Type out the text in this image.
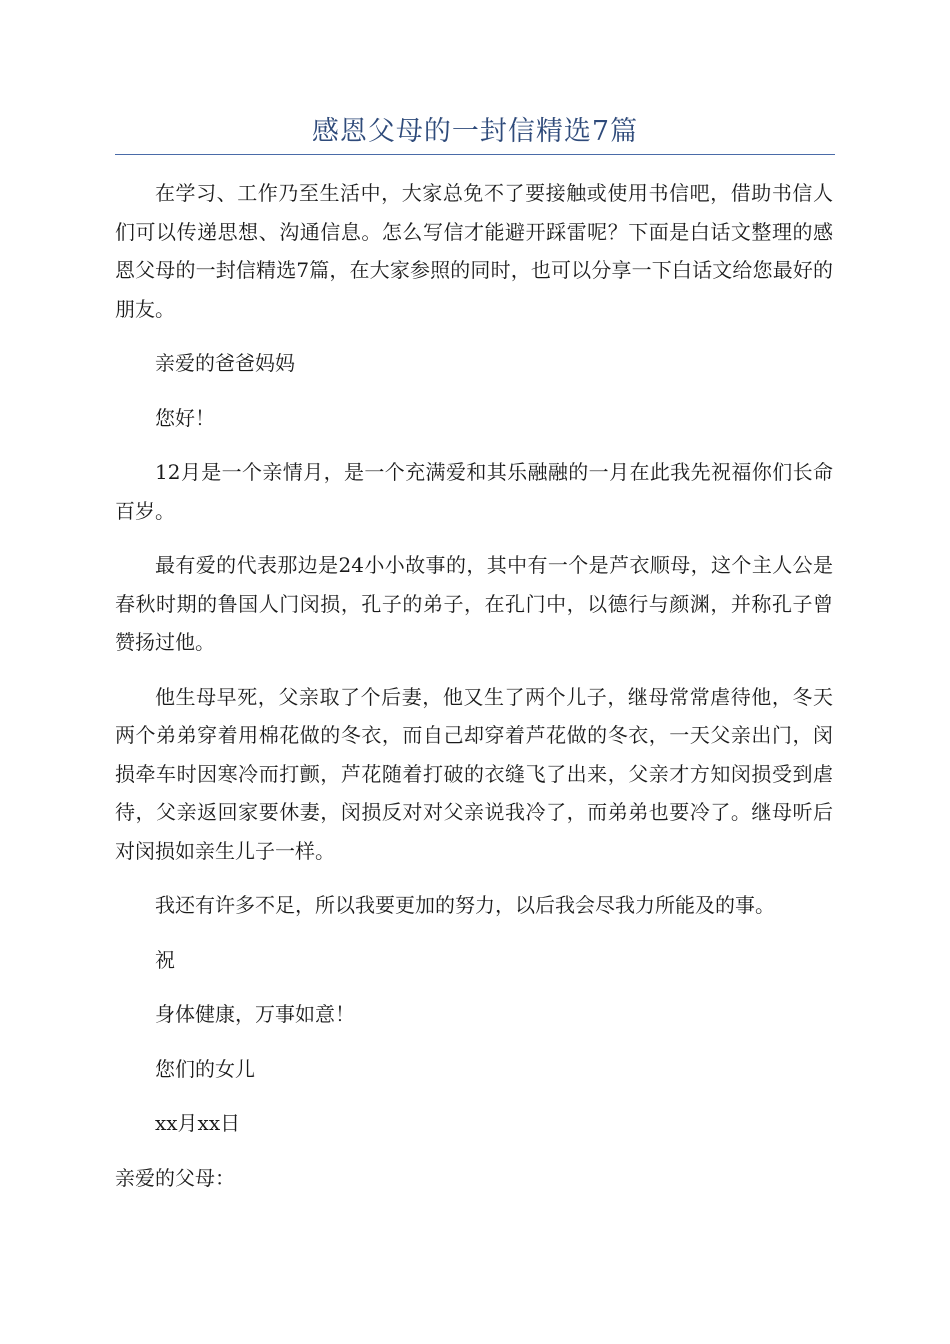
感恩父母的一封信精选7篇

在学习、工作乃至生活中，大家总免不了要接触或使用书信吧，借助书信人们可以传递思想、沟通信息。怎么写信才能避开踩雷呢？下面是白话文整理的感恩父母的一封信精选7篇，在大家参照的同时，也可以分享一下白话文给您最好的朋友。

亲爱的爸爸妈妈

您好！

12月是一个亲情月，是一个充满爱和其乐融融的一月在此我先祝福你们长命百岁。

最有爱的代表那边是24小小故事的，其中有一个是芦衣顺母，这个主人公是春秋时期的鲁国人门闵损，孔子的弟子，在孔门中，以德行与颜渊，并称孔子曾赞扬过他。

他生母早死，父亲取了个后妻，他又生了两个儿子，继母常常虐待他，冬天两个弟弟穿着用棉花做的冬衣，而自己却穿着芦花做的冬衣，一天父亲出门，闵损牵车时因寒冷而打颤，芦花随着打破的衣缝飞了出来，父亲才方知闵损受到虐待，父亲返回家要休妻，闵损反对对父亲说我冷了，而弟弟也要冷了。继母听后对闵损如亲生儿子一样。

我还有许多不足，所以我要更加的努力，以后我会尽我力所能及的事。

祝

身体健康，万事如意！

您们的女儿

xx月xx日

亲爱的父母：
